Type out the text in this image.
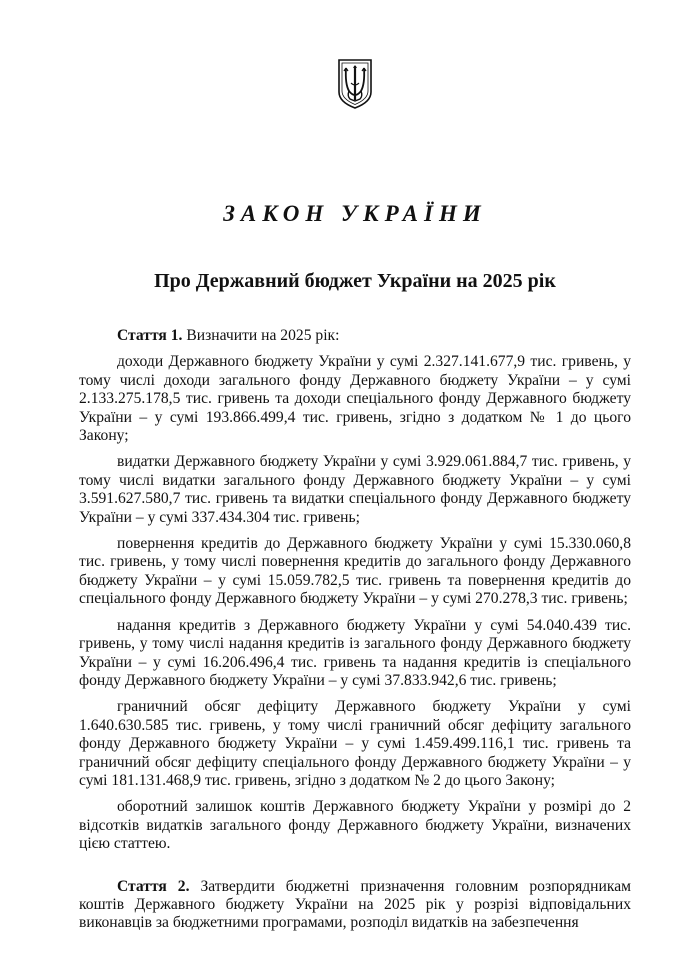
ЗАКОН УКРАЇНИ
Про Державний бюджет України на 2025 рік

Стаття 1. Визначити на 2025 рік:

доходи Державного бюджету України у сумі 2.327.141.677,9 тис. гривень, у тому числі доходи загального фонду Державного бюджету України – у сумі 2.133.275.178,5 тис. гривень та доходи спеціального фонду Державного бюджету України – у сумі 193.866.499,4 тис. гривень, згідно з додатком № 1 до цього Закону;

видатки Державного бюджету України у сумі 3.929.061.884,7 тис. гривень, у тому числі видатки загального фонду Державного бюджету України – у сумі 3.591.627.580,7 тис. гривень та видатки спеціального фонду Державного бюджету України – у сумі 337.434.304 тис. гривень;

повернення кредитів до Державного бюджету України у сумі 15.330.060,8 тис. гривень, у тому числі повернення кредитів до загального фонду Державного бюджету України – у сумі 15.059.782,5 тис. гривень та повернення кредитів до спеціального фонду Державного бюджету України – у сумі 270.278,3 тис. гривень;

надання кредитів з Державного бюджету України у сумі 54.040.439 тис. гривень, у тому числі надання кредитів із загального фонду Державного бюджету України – у сумі 16.206.496,4 тис. гривень та надання кредитів із спеціального фонду Державного бюджету України – у сумі 37.833.942,6 тис. гривень;

граничний обсяг дефіциту Державного бюджету України у сумі 1.640.630.585 тис. гривень, у тому числі граничний обсяг дефіциту загального фонду Державного бюджету України – у сумі 1.459.499.116,1 тис. гривень та граничний обсяг дефіциту спеціального фонду Державного бюджету України – у сумі 181.131.468,9 тис. гривень, згідно з додатком № 2 до цього Закону;

оборотний залишок коштів Державного бюджету України у розмірі до 2 відсотків видатків загального фонду Державного бюджету України, визначених цією статтею.

Стаття 2. Затвердити бюджетні призначення головним розпорядникам коштів Державного бюджету України на 2025 рік у розрізі відповідальних виконавців за бюджетними програмами, розподіл видатків на забезпечення
